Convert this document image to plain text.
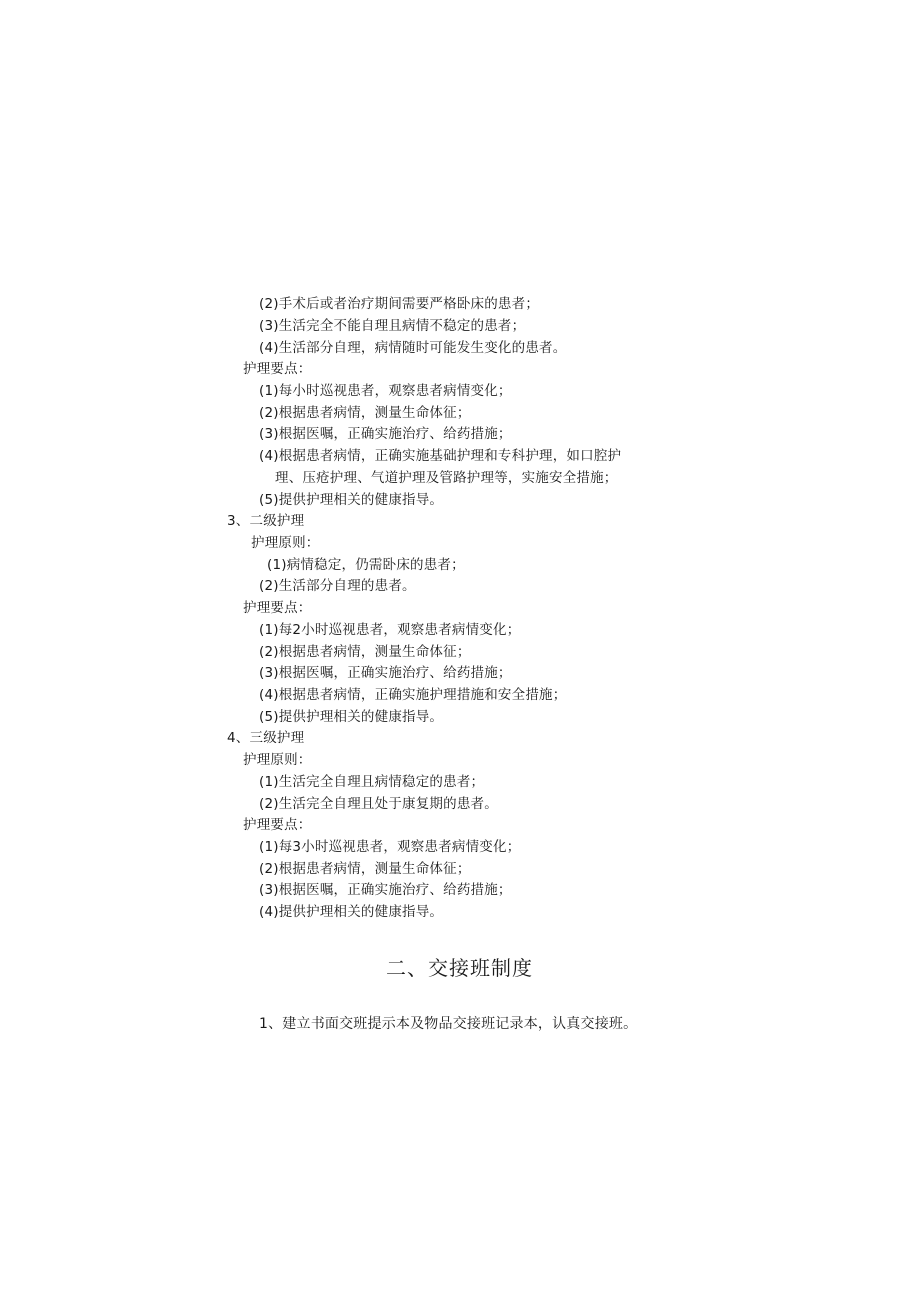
(2)手术后或者治疗期间需要严格卧床的患者；
(3)生活完全不能自理且病情不稳定的患者；
(4)生活部分自理，病情随时可能发生变化的患者。
护理要点：
(1)每小时巡视患者，观察患者病情变化；
(2)根据患者病情，测量生命体征；
(3)根据医嘱，正确实施治疗、给药措施；
(4)根据患者病情，正确实施基础护理和专科护理，如口腔护
理、压疮护理、气道护理及管路护理等，实施安全措施；
(5)提供护理相关的健康指导。
3、二级护理
护理原则：
(1)病情稳定，仍需卧床的患者；
(2)生活部分自理的患者。
护理要点：
(1)每2小时巡视患者，观察患者病情变化；
(2)根据患者病情，测量生命体征；
(3)根据医嘱，正确实施治疗、给药措施；
(4)根据患者病情，正确实施护理措施和安全措施；
(5)提供护理相关的健康指导。
4、三级护理
护理原则：
(1)生活完全自理且病情稳定的患者；
(2)生活完全自理且处于康复期的患者。
护理要点：
(1)每3小时巡视患者，观察患者病情变化；
(2)根据患者病情，测量生命体征；
(3)根据医嘱，正确实施治疗、给药措施；
(4)提供护理相关的健康指导。
二、交接班制度
1、建立书面交班提示本及物品交接班记录本，认真交接班。
